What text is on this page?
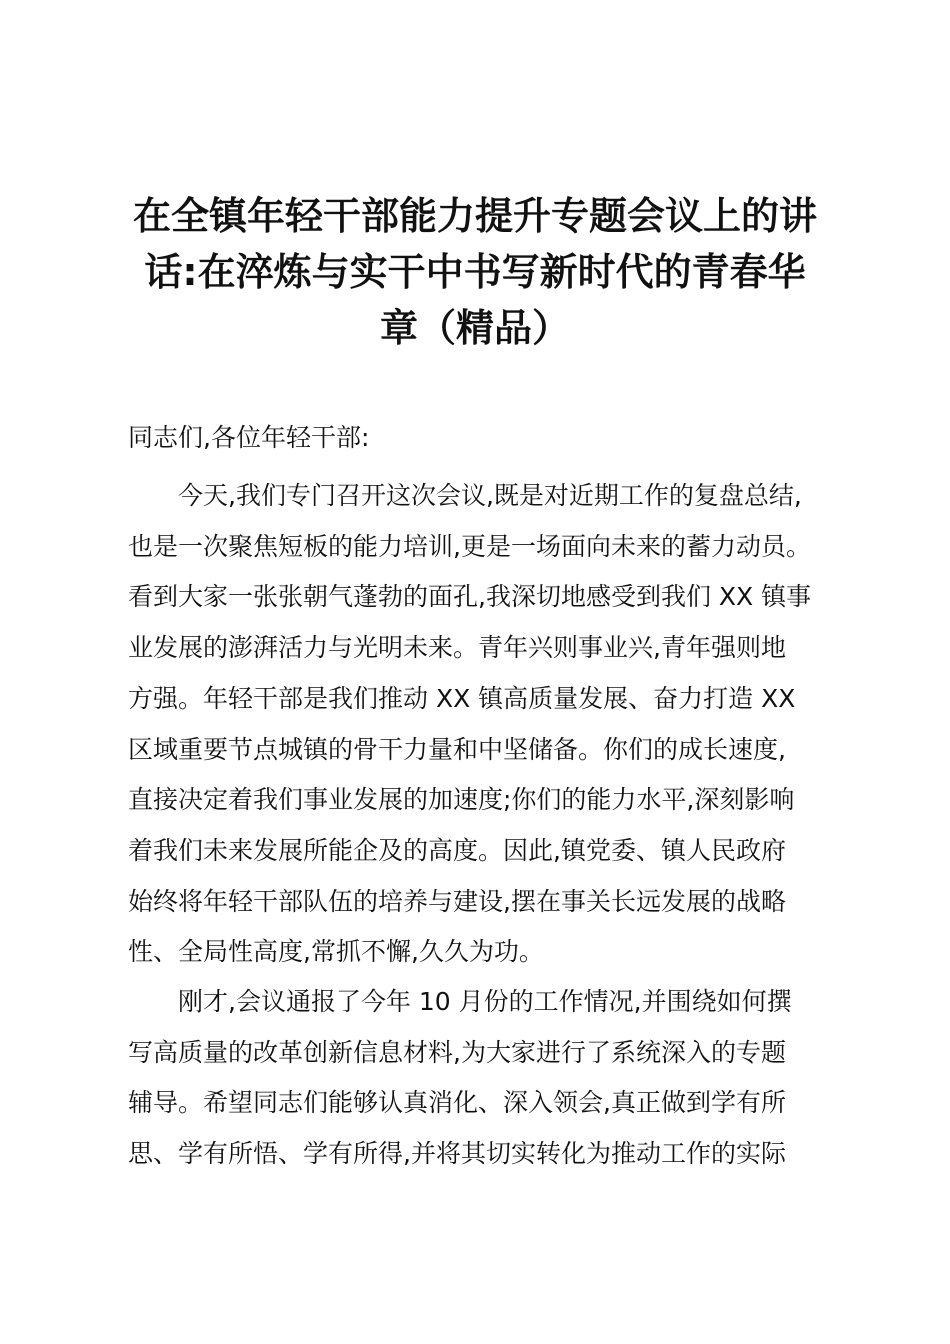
在全镇年轻干部能力提升专题会议上的讲
话:在淬炼与实干中书写新时代的青春华
章（精品）

同志们,各位年轻干部:

　　今天,我们专门召开这次会议,既是对近期工作的复盘总结,
也是一次聚焦短板的能力培训,更是一场面向未来的蓄力动员。
看到大家一张张朝气蓬勃的面孔,我深切地感受到我们 XX 镇事
业发展的澎湃活力与光明未来。青年兴则事业兴,青年强则地
方强。年轻干部是我们推动 XX 镇高质量发展、奋力打造 XX
区域重要节点城镇的骨干力量和中坚储备。你们的成长速度,
直接决定着我们事业发展的加速度;你们的能力水平,深刻影响
着我们未来发展所能企及的高度。因此,镇党委、镇人民政府
始终将年轻干部队伍的培养与建设,摆在事关长远发展的战略
性、全局性高度,常抓不懈,久久为功。

　　刚才,会议通报了今年 10 月份的工作情况,并围绕如何撰
写高质量的改革创新信息材料,为大家进行了系统深入的专题
辅导。希望同志们能够认真消化、深入领会,真正做到学有所
思、学有所悟、学有所得,并将其切实转化为推动工作的实际
